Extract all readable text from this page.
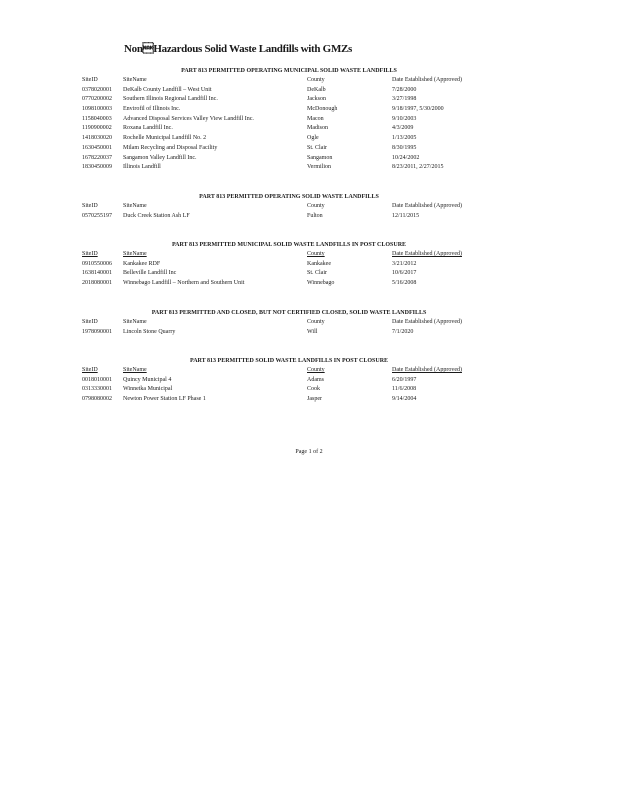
NonHazardous Solid Waste Landfills with GMZs
PART 813 PERMITTED OPERATING MUNICIPAL SOLID WASTE LANDFILLS
SiteID	SiteName	County	Date Established (Approved)
0378020001 DeKalb County Landfill – West Unit	DeKalb	7/28/2000
0770200002 Southern Illinois Regional Landfill Inc.	Jackson	3/27/1998
1098100003 Envirofil of Illinois Inc.	McDonough	9/18/1997, 5/30/2000
1158040003 Advanced Disposal Services Valley View Landfill Inc.	Macon	9/10/2003
1190900002 Roxana Landfill Inc.	Madison	4/3/2009
1418030020 Rochelle Municipal Landfill No. 2	Ogle	1/13/2005
1630450001 Milam Recycling and Disposal Facility	St. Clair	8/30/1995
1678220037 Sangamon Valley Landfill Inc.	Sangamon	10/24/2002
1830450009 Illinois Landfill	Vermilion	8/23/2011, 2/27/2015
PART 813 PERMITTED OPERATING SOLID WASTE LANDFILLS
SiteID	SiteName	County	Date Established (Approved)
0570255197 Duck Creek Station Ash LF	Fulton	12/11/2015
PART 813 PERMITTED MUNICIPAL SOLID WASTE LANDFILLS IN POST CLOSURE
SiteID	SiteName	County	Date Established (Approved)
0910550006 Kankakee RDF	Kankakee	3/21/2012
1638140001 Belleville Landfill Inc	St. Clair	10/6/2017
2018080001 Winnebago Landfill – Northern and Southern Unit	Winnebago	5/16/2008
PART 813 PERMITTED AND CLOSED, BUT NOT CERTIFIED CLOSED, SOLID WASTE LANDFILLS
SiteID	SiteName	County	Date Established (Approved)
1978090001 Lincoln Stone Quarry	Will	7/1/2020
PART 813 PERMITTED SOLID WASTE LANDFILLS IN POST CLOSURE
SiteID	SiteName	County	Date Established (Approved)
0018010001 Quincy Municipal 4	Adams	6/20/1997
0313330001 Winnetka Municipal	Cook	11/6/2008
0798080002 Newton Power Station LF Phase 1	Jasper	9/14/2004
Page 1 of 2
